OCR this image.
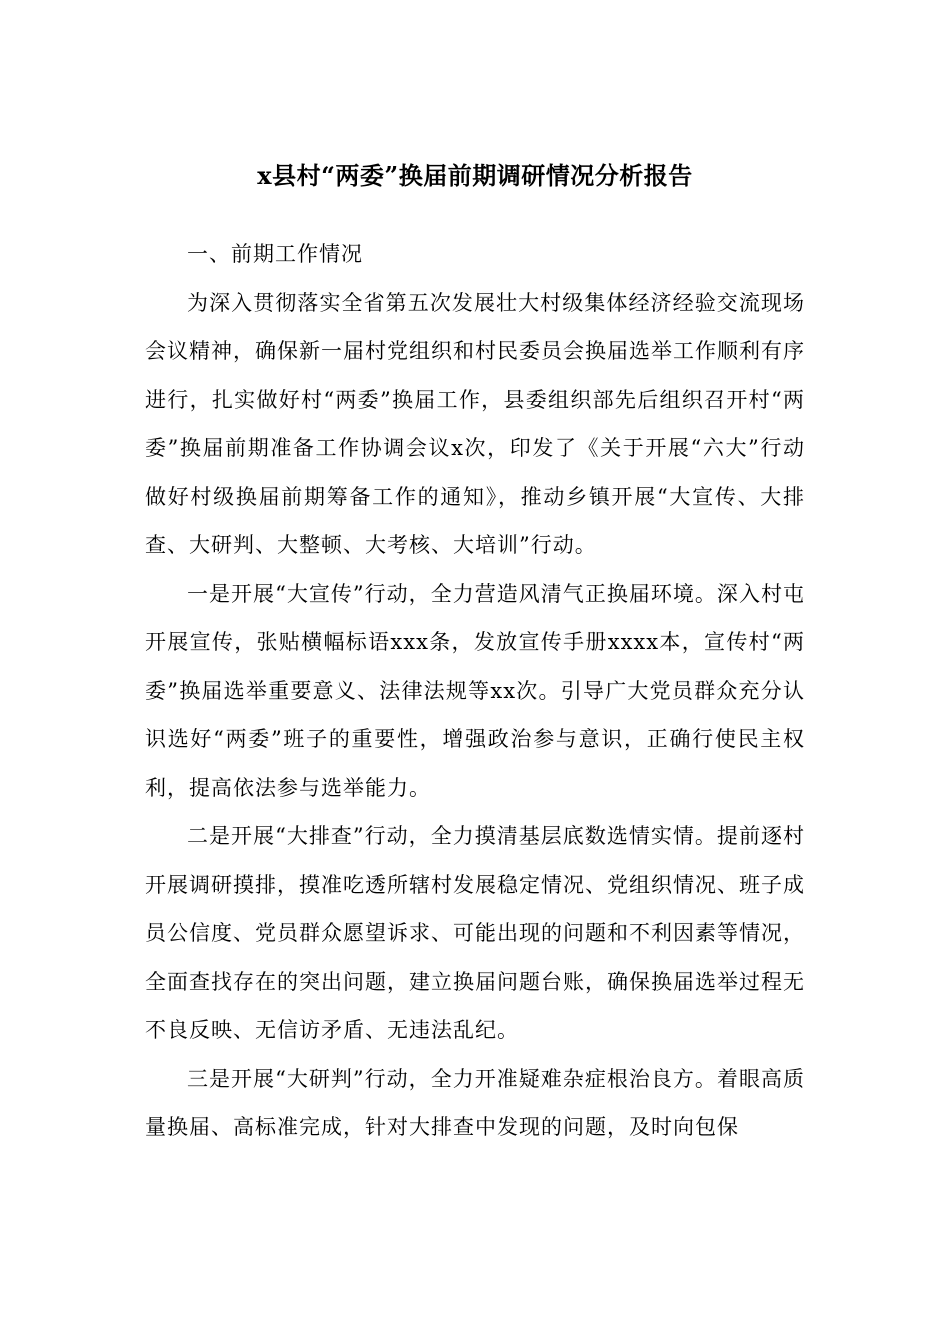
x县村“两委”换届前期调研情况分析报告

一、前期工作情况

为深入贯彻落实全省第五次发展壮大村级集体经济经验交流现场会议精神，确保新一届村党组织和村民委员会换届选举工作顺利有序进行，扎实做好村“两委”换届工作，县委组织部先后组织召开村“两委”换届前期准备工作协调会议x次，印发了《关于开展“六大”行动做好村级换届前期筹备工作的通知》，推动乡镇开展“大宣传、大排查、大研判、大整顿、大考核、大培训”行动。

一是开展“大宣传”行动，全力营造风清气正换届环境。深入村屯开展宣传，张贴横幅标语xxx条，发放宣传手册xxxx本，宣传村“两委”换届选举重要意义、法律法规等xx次。引导广大党员群众充分认识选好“两委”班子的重要性，增强政治参与意识，正确行使民主权利，提高依法参与选举能力。

二是开展“大排查”行动，全力摸清基层底数选情实情。提前逐村开展调研摸排，摸准吃透所辖村发展稳定情况、党组织情况、班子成员公信度、党员群众愿望诉求、可能出现的问题和不利因素等情况，全面查找存在的突出问题，建立换届问题台账，确保换届选举过程无不良反映、无信访矛盾、无违法乱纪。

三是开展“大研判”行动，全力开准疑难杂症根治良方。着眼高质量换届、高标准完成，针对大排查中发现的问题，及时向包保
